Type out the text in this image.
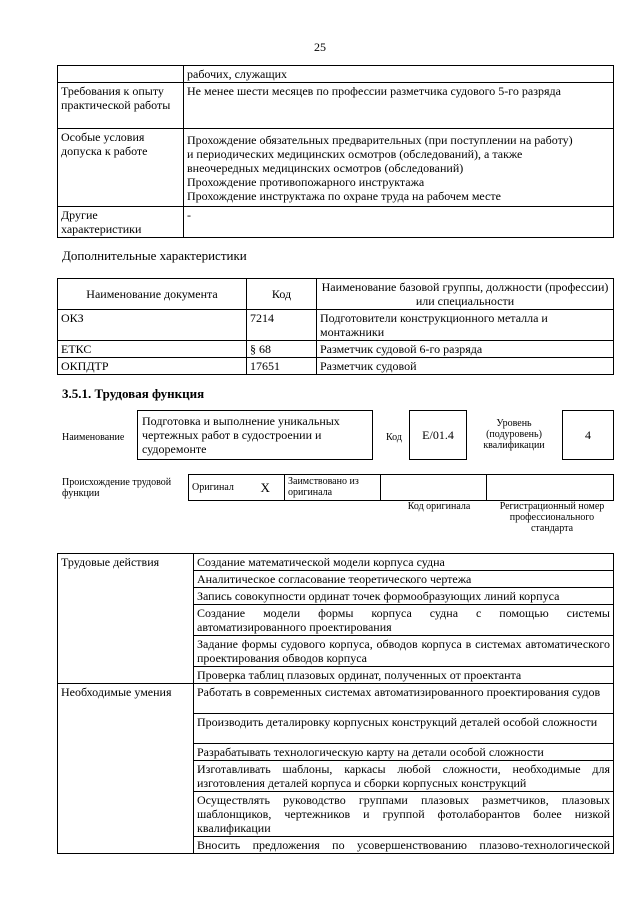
25
	рабочих, служащих
Требования к опыту практической работы	Не менее шести месяцев по профессии разметчика судового 5-го разряда
Особые условия допуска к работе	Прохождение обязательных предварительных (при поступлении на работу)
и периодических медицинских осмотров (обследований), а также
внеочередных медицинских осмотров (обследований)
Прохождение противопожарного инструктажа
Прохождение инструктажа по охране труда на рабочем месте

Другие характеристики	-
Дополнительные характеристики
Наименование документа	Код	Наименование базовой группы, должности (профессии) или специальности
ОКЗ	7214	Подготовители конструкционного металла и монтажники
ЕТКС	§ 68	Разметчик судовой 6-го разряда
ОКПДТР	17651	Разметчик судовой
3.5.1. Трудовая функция
Наименование
Подготовка и выполнение уникальных чертежных работ в судостроении и судоремонте
Код	E/01.4
Уровень (подуровень) квалификации
4
Происхождение трудовой функции
Оригинал	X	Заимствовано из оригинала		
Код оригинала	Регистрационный номер профессионального стандарта
Трудовые действия	Создание математической модели корпуса судна
	Аналитическое согласование теоретического чертежа
	Запись совокупности ординат точек формообразующих линий корпуса
	Создание модели формы корпуса судна с помощью системы автоматизированного проектирования
	Задание формы судового корпуса, обводов корпуса в системах автоматического проектирования обводов корпуса
	Проверка таблиц плазовых ординат, полученных от проектанта
Необходимые умения	Работать в современных системах автоматизированного проектирования судов
	Производить деталировку корпусных конструкций деталей особой сложности
	Разрабатывать технологическую карту на детали особой сложности
	Изготавливать шаблоны, каркасы любой сложности, необходимые для изготовления деталей корпуса и сборки корпусных конструкций
	Осуществлять руководство группами плазовых разметчиков, плазовых шаблонщиков, чертежников и группой фотолаборантов более низкой квалификации
	Вносить предложения по усовершенствованию плазово-технологической
